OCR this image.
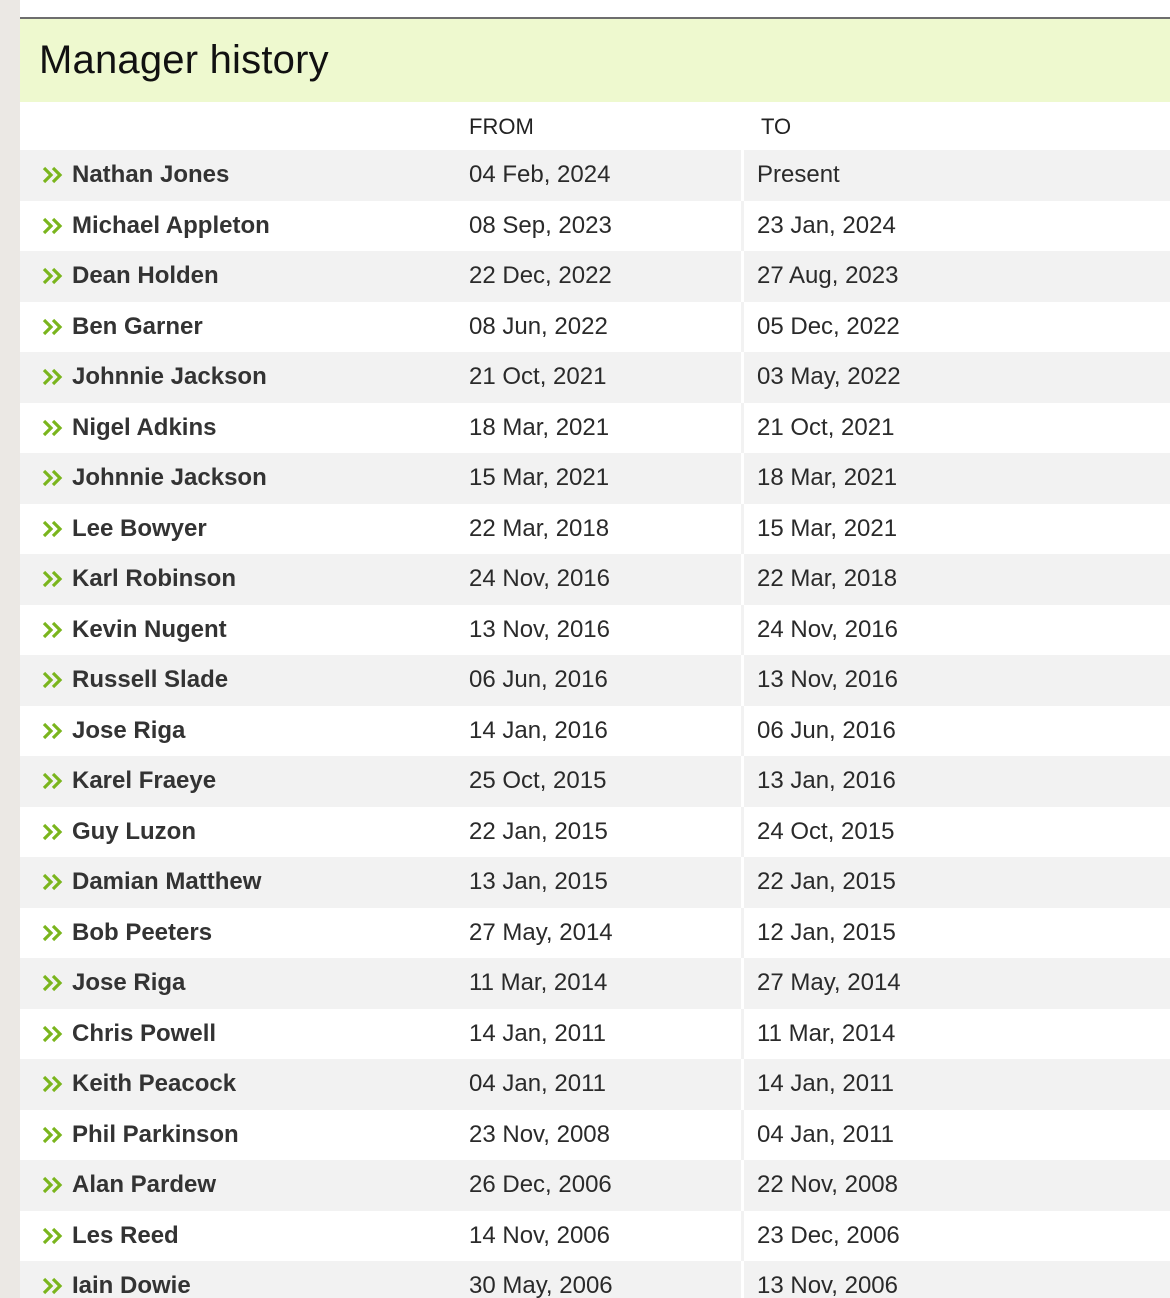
Manager history
FROM	TO
Nathan Jones	04 Feb, 2024	Present
Michael Appleton	08 Sep, 2023	23 Jan, 2024
Dean Holden	22 Dec, 2022	27 Aug, 2023
Ben Garner	08 Jun, 2022	05 Dec, 2022
Johnnie Jackson	21 Oct, 2021	03 May, 2022
Nigel Adkins	18 Mar, 2021	21 Oct, 2021
Johnnie Jackson	15 Mar, 2021	18 Mar, 2021
Lee Bowyer	22 Mar, 2018	15 Mar, 2021
Karl Robinson	24 Nov, 2016	22 Mar, 2018
Kevin Nugent	13 Nov, 2016	24 Nov, 2016
Russell Slade	06 Jun, 2016	13 Nov, 2016
Jose Riga	14 Jan, 2016	06 Jun, 2016
Karel Fraeye	25 Oct, 2015	13 Jan, 2016
Guy Luzon	22 Jan, 2015	24 Oct, 2015
Damian Matthew	13 Jan, 2015	22 Jan, 2015
Bob Peeters	27 May, 2014	12 Jan, 2015
Jose Riga	11 Mar, 2014	27 May, 2014
Chris Powell	14 Jan, 2011	11 Mar, 2014
Keith Peacock	04 Jan, 2011	14 Jan, 2011
Phil Parkinson	23 Nov, 2008	04 Jan, 2011
Alan Pardew	26 Dec, 2006	22 Nov, 2008
Les Reed	14 Nov, 2006	23 Dec, 2006
Iain Dowie	30 May, 2006	13 Nov, 2006
